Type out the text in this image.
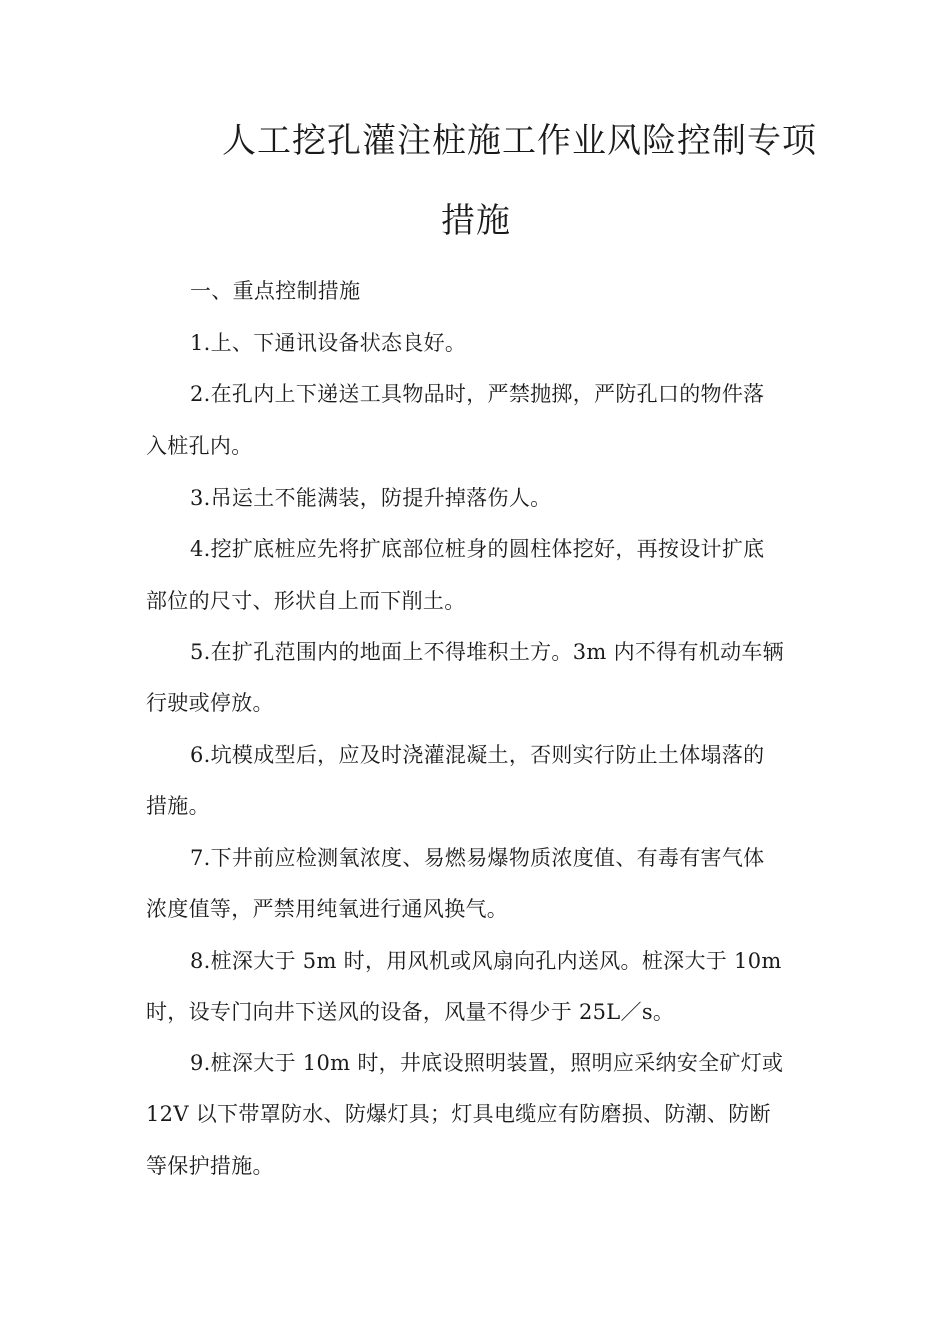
人工挖孔灌注桩施工作业风险控制专项
措施
一、重点控制措施
1.上、下通讯设备状态良好。
2.在孔内上下递送工具物品时，严禁抛掷，严防孔口的物件落
入桩孔内。
3.吊运土不能满装，防提升掉落伤人。
4.挖扩底桩应先将扩底部位桩身的圆柱体挖好，再按设计扩底
部位的尺寸、形状自上而下削土。
5.在扩孔范围内的地面上不得堆积土方。3m 内不得有机动车辆
行驶或停放。
6.坑模成型后，应及时浇灌混凝土，否则实行防止土体塌落的
措施。
7.下井前应检测氧浓度、易燃易爆物质浓度值、有毒有害气体
浓度值等，严禁用纯氧进行通风换气。
8.桩深大于 5m 时，用风机或风扇向孔内送风。桩深大于 10m
时，设专门向井下送风的设备，风量不得少于 25L／s。
9.桩深大于 10m 时，井底设照明装置，照明应采纳安全矿灯或
12V 以下带罩防水、防爆灯具；灯具电缆应有防磨损、防潮、防断
等保护措施。
